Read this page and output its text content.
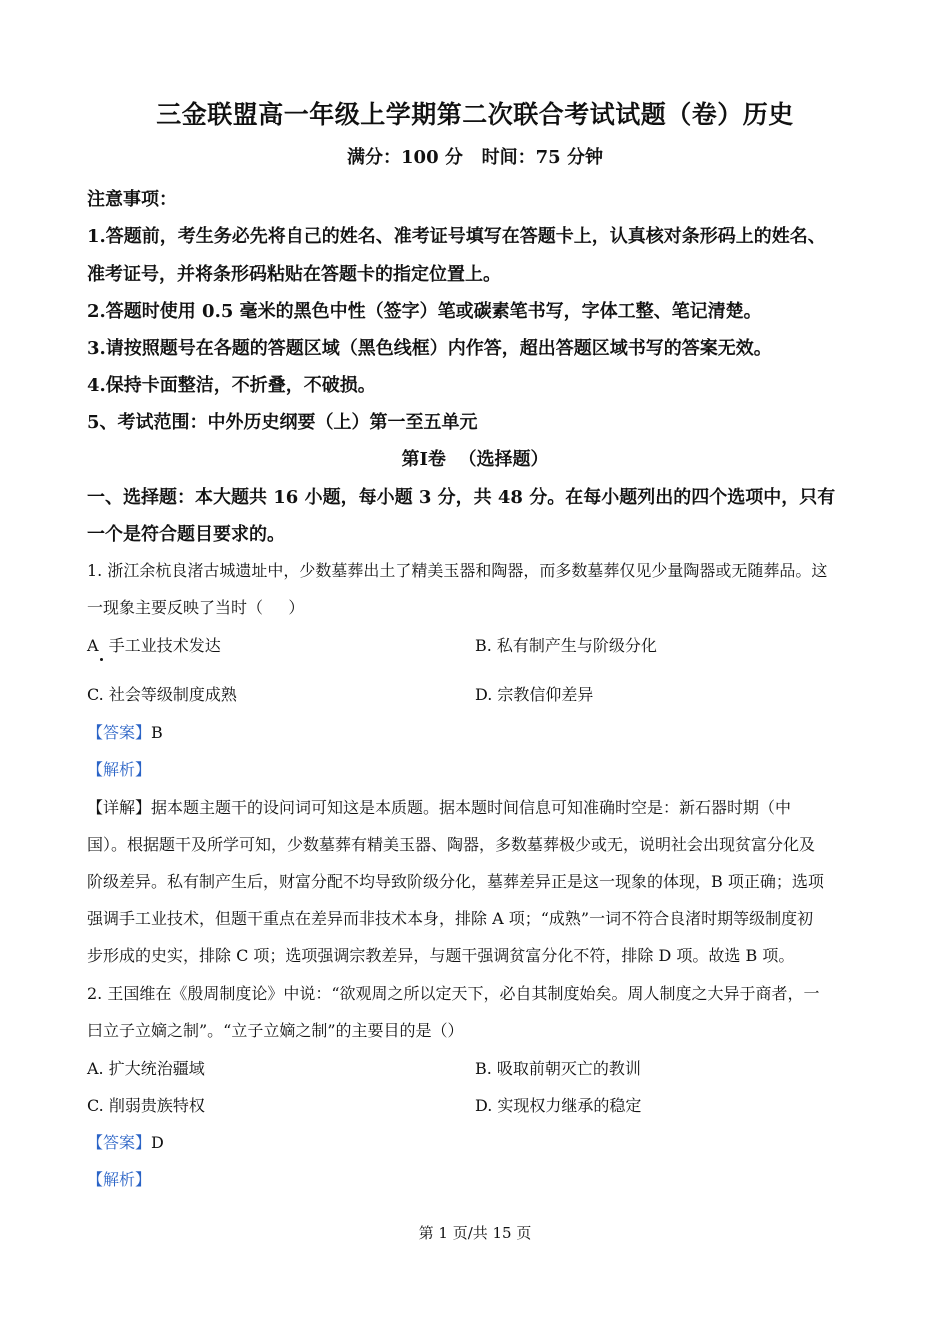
三金联盟高一年级上学期第二次联合考试试题（卷）历史
满分：100 分   时间：75 分钟
注意事项：
1.答题前，考生务必先将自己的姓名、准考证号填写在答题卡上，认真核对条形码上的姓名、
准考证号，并将条形码粘贴在答题卡的指定位置上。
2.答题时使用 0.5 毫米的黑色中性（签字）笔或碳素笔书写，字体工整、笔记清楚。
3.请按照题号在各题的答题区域（黑色线框）内作答，超出答题区域书写的答案无效。
4.保持卡面整洁，不折叠，不破损。
5、考试范围：中外历史纲要（上）第一至五单元
第Ⅰ卷  （选择题）
一、选择题：本大题共 16 小题，每小题 3 分，共 48 分。在每小题列出的四个选项中，只有
一个是符合题目要求的。
1. 浙江余杭良渚古城遗址中，少数墓葬出土了精美玉器和陶器，而多数墓葬仅见少量陶器或无随葬品。这
一现象主要反映了当时（     ）
A  手工业技术发达	B. 私有制产生与阶级分化
C. 社会等级制度成熟	D. 宗教信仰差异
【答案】B
【解析】
【详解】据本题主题干的设问词可知这是本质题。据本题时间信息可知准确时空是：新石器时期（中
国）。根据题干及所学可知，少数墓葬有精美玉器、陶器，多数墓葬极少或无，说明社会出现贫富分化及
阶级差异。私有制产生后，财富分配不均导致阶级分化，墓葬差异正是这一现象的体现，B 项正确；选项
强调手工业技术，但题干重点在差异而非技术本身，排除 A 项；“成熟”一词不符合良渚时期等级制度初
步形成的史实，排除 C 项；选项强调宗教差异，与题干强调贫富分化不符，排除 D 项。故选 B 项。
2. 王国维在《殷周制度论》中说：“欲观周之所以定天下，必自其制度始矣。周人制度之大异于商者，一
曰立子立嫡之制”。“立子立嫡之制”的主要目的是（）
A. 扩大统治疆域	B. 吸取前朝灭亡的教训
C. 削弱贵族特权	D. 实现权力继承的稳定
【答案】D
【解析】
第 1 页/共 15 页
